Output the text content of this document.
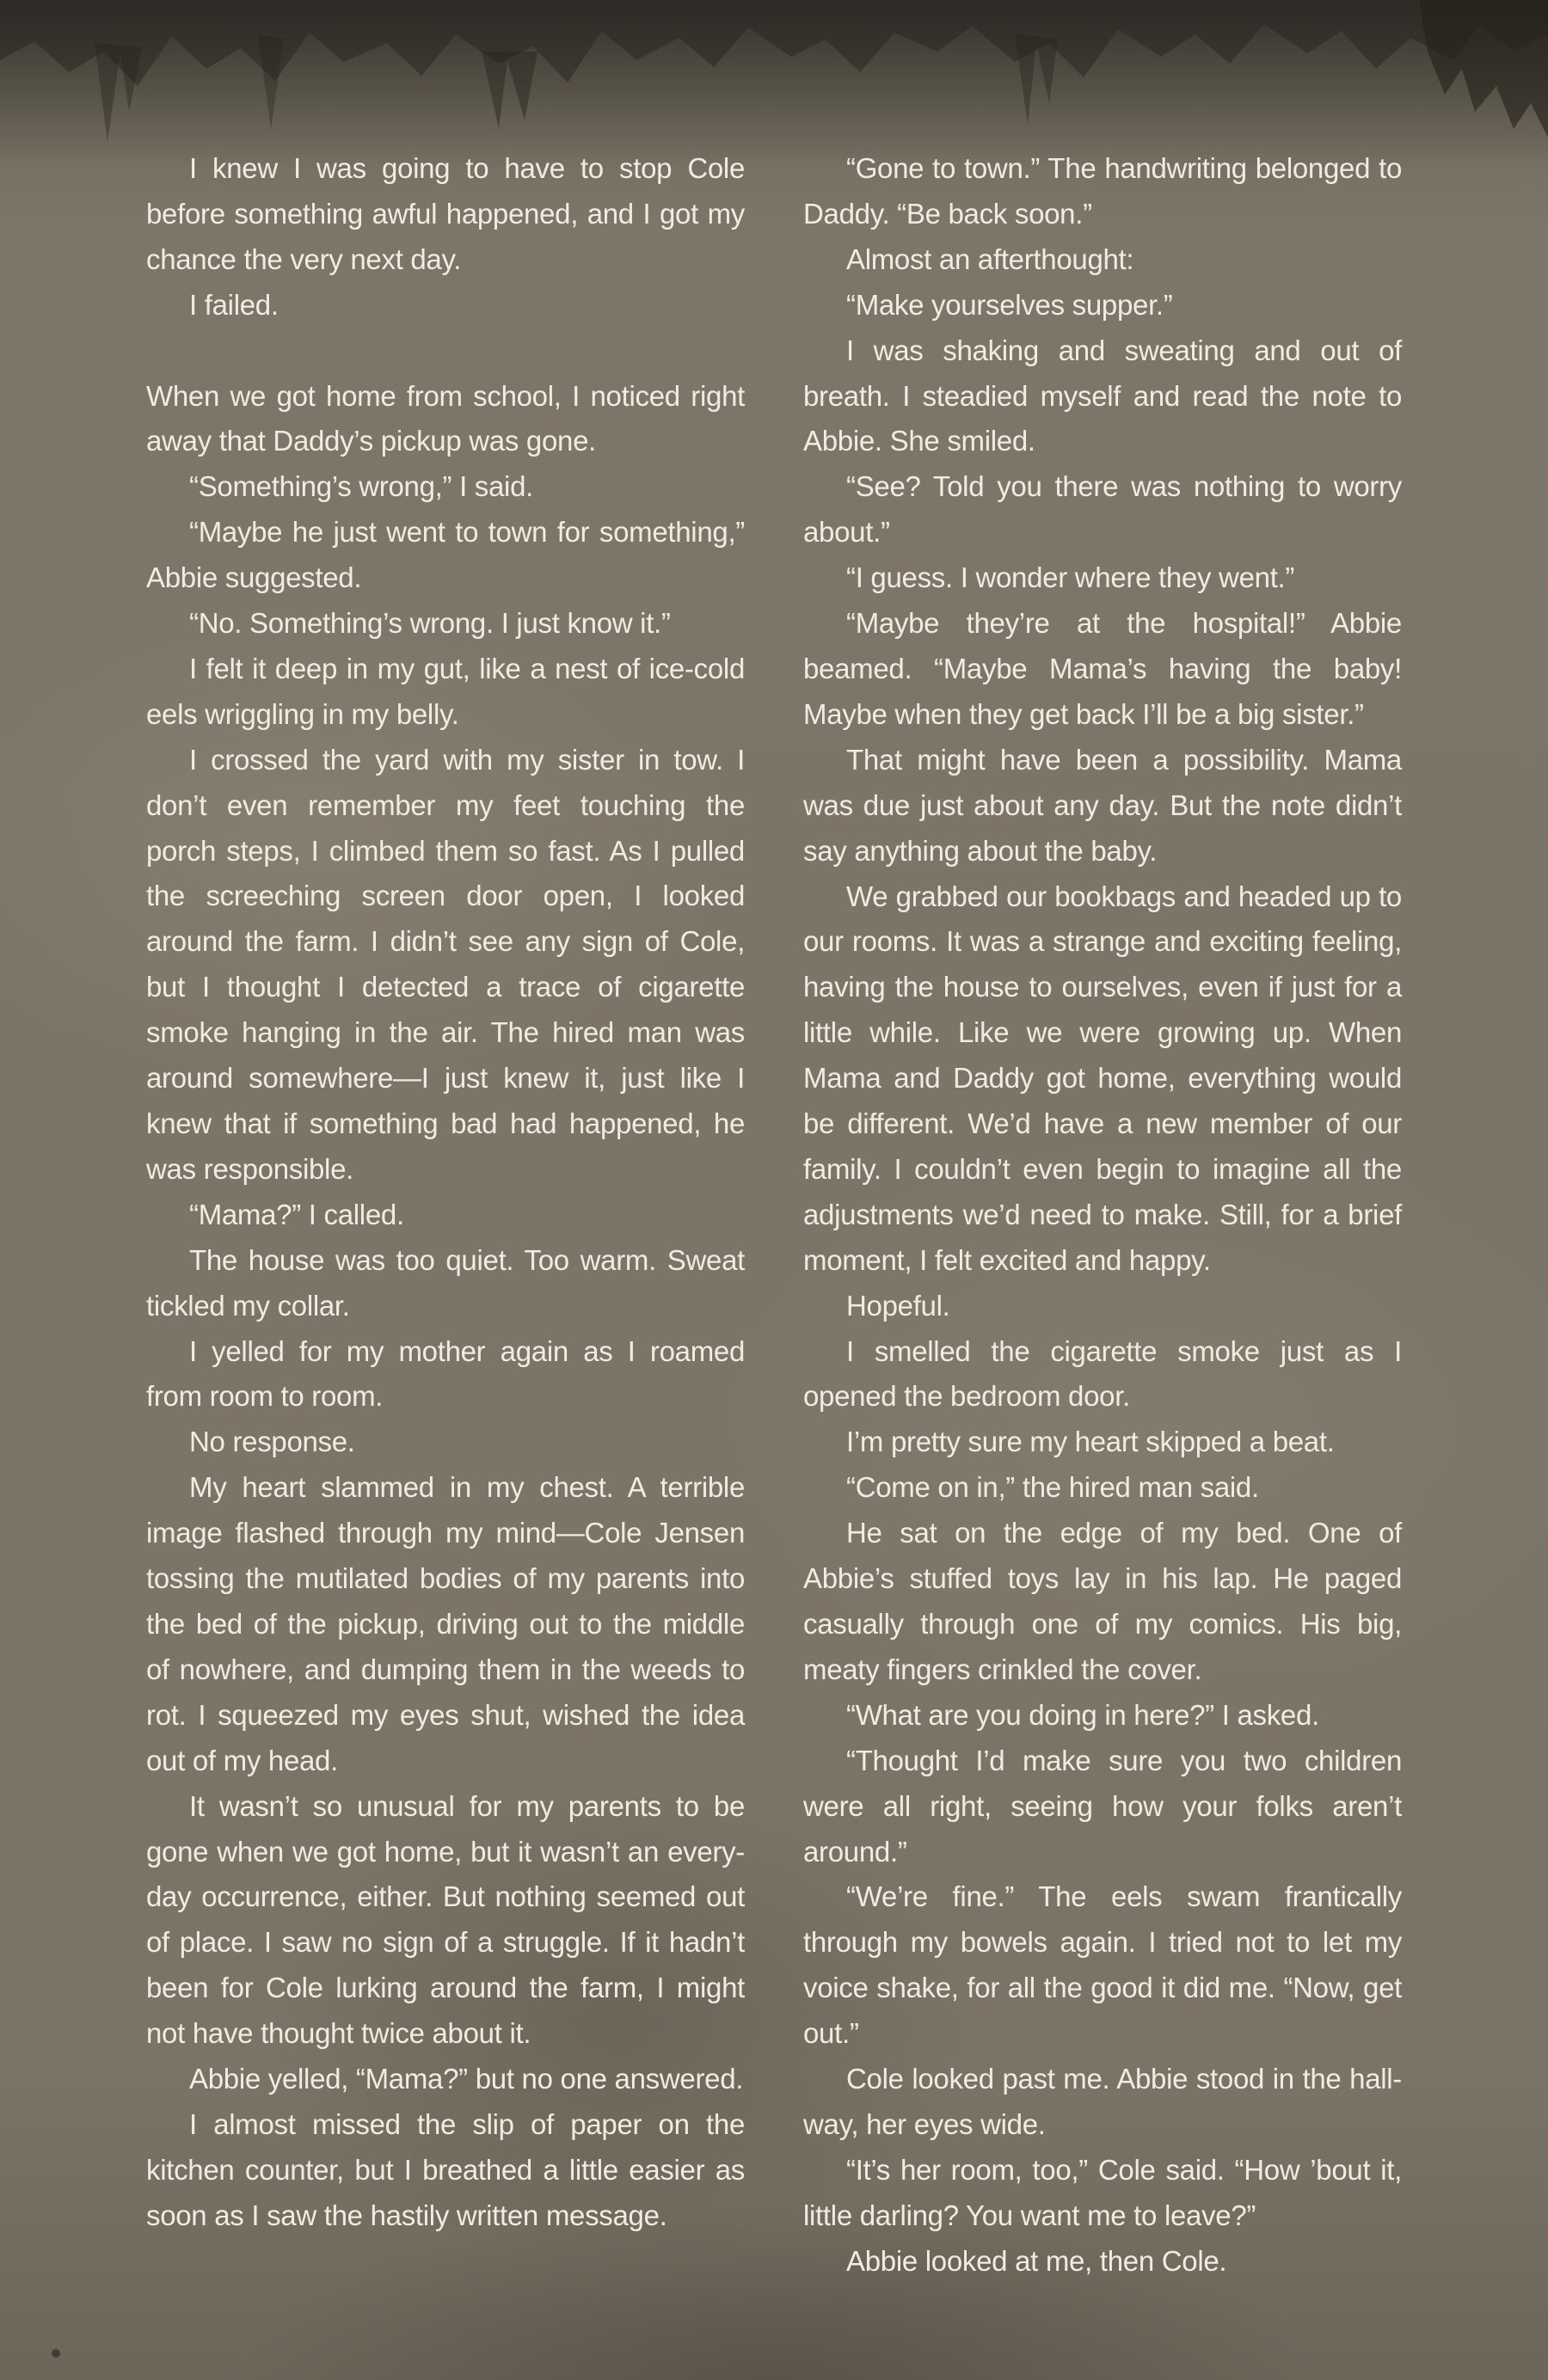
I knew I was going to have to stop Cole before something awful happened, and I got my chance the very next day.

I failed.

When we got home from school, I noticed right away that Daddy’s pickup was gone.

“Something’s wrong,” I said.

“Maybe he just went to town for something,” Abbie suggested.

“No. Something’s wrong. I just know it.”

I felt it deep in my gut, like a nest of ice-cold eels wriggling in my belly.

I crossed the yard with my sister in tow. I don’t even remember my feet touching the porch steps, I climbed them so fast. As I pulled the screeching screen door open, I looked around the farm. I didn’t see any sign of Cole, but I thought I detected a trace of cigarette smoke hanging in the air. The hired man was around somewhere—I just knew it, just like I knew that if something bad had happened, he was responsible.

“Mama?” I called.

The house was too quiet. Too warm. Sweat tickled my collar.

I yelled for my mother again as I roamed from room to room.

No response.

My heart slammed in my chest. A terrible image flashed through my mind—Cole Jensen tossing the mutilated bodies of my parents into the bed of the pickup, driving out to the middle of nowhere, and dumping them in the weeds to rot. I squeezed my eyes shut, wished the idea out of my head.

It wasn’t so unusual for my parents to be gone when we got home, but it wasn’t an every-day occurrence, either. But nothing seemed out of place. I saw no sign of a struggle. If it hadn’t been for Cole lurking around the farm, I might not have thought twice about it.

Abbie yelled, “Mama?” but no one answered.

I almost missed the slip of paper on the kitchen counter, but I breathed a little easier as soon as I saw the hastily written message.

“Gone to town.” The handwriting belonged to Daddy. “Be back soon.”

Almost an afterthought:

“Make yourselves supper.”

I was shaking and sweating and out of breath. I steadied myself and read the note to Abbie. She smiled.

“See? Told you there was nothing to worry about.”

“I guess. I wonder where they went.”

“Maybe they’re at the hospital!” Abbie beamed. “Maybe Mama’s having the baby! Maybe when they get back I’ll be a big sister.”

That might have been a possibility. Mama was due just about any day. But the note didn’t say anything about the baby.

We grabbed our bookbags and headed up to our rooms. It was a strange and exciting feeling, having the house to ourselves, even if just for a little while. Like we were growing up. When Mama and Daddy got home, everything would be different. We’d have a new member of our family. I couldn’t even begin to imagine all the adjustments we’d need to make. Still, for a brief moment, I felt excited and happy.

Hopeful.

I smelled the cigarette smoke just as I opened the bedroom door.

I’m pretty sure my heart skipped a beat.

“Come on in,” the hired man said.

He sat on the edge of my bed. One of Abbie’s stuffed toys lay in his lap. He paged casually through one of my comics. His big, meaty fingers crinkled the cover.

“What are you doing in here?” I asked.

“Thought I’d make sure you two children were all right, seeing how your folks aren’t around.”

“We’re fine.” The eels swam frantically through my bowels again. I tried not to let my voice shake, for all the good it did me. “Now, get out.”

Cole looked past me. Abbie stood in the hall-way, her eyes wide.

“It’s her room, too,” Cole said. “How ’bout it, little darling? You want me to leave?”

Abbie looked at me, then Cole.
